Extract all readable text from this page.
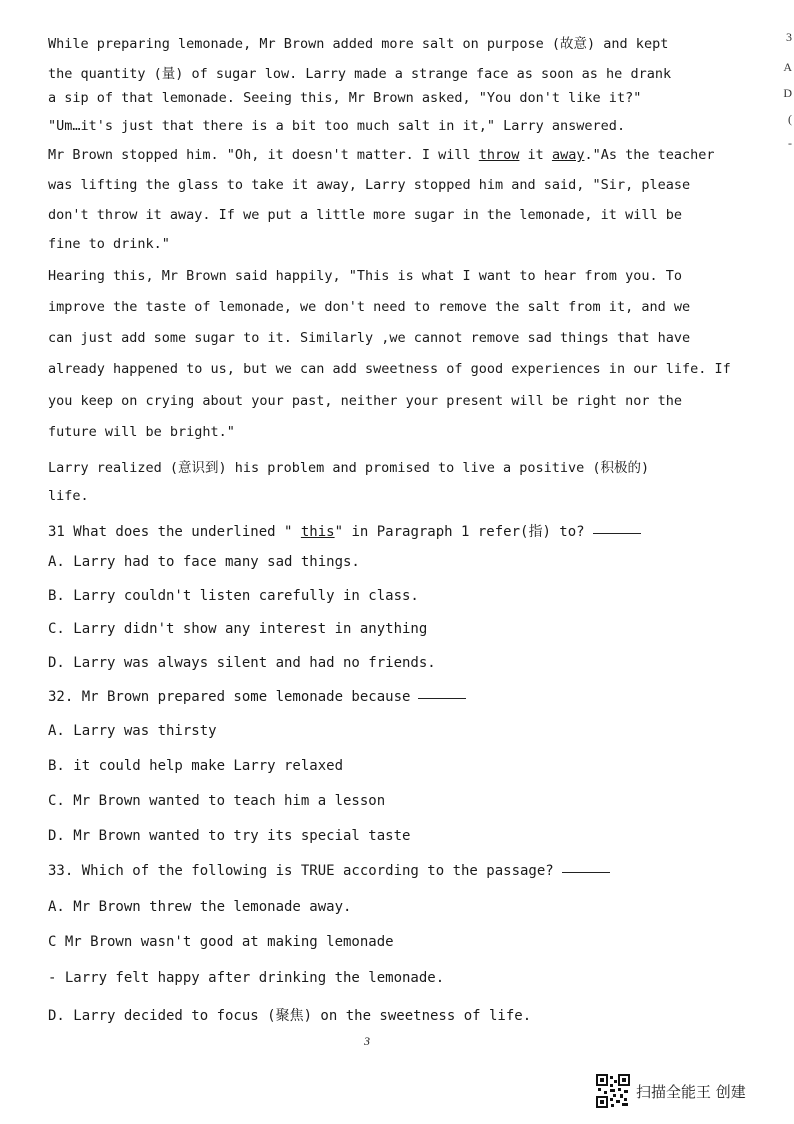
While preparing lemonade, Mr Brown added more salt on purpose (故意) and kept
the quantity (量) of sugar low. Larry made a strange face as soon as he drank
a sip of that lemonade. Seeing this, Mr Brown asked, "You don't like it?"
"Um…it's just that there is a bit too much salt in it," Larry answered.
Mr Brown stopped him. "Oh, it doesn't matter. I will throw it away."As the teacher
was lifting the glass to take it away, Larry stopped him and said, "Sir, please
don't throw it away. If we put a little more sugar in the lemonade, it will be
fine to drink."
Hearing this, Mr Brown said happily, "This is what I want to hear from you. To
improve the taste of lemonade, we don't need to remove the salt from it, and we
can just add some sugar to it. Similarly ,we cannot remove sad things that have
already happened to us, but we can add sweetness of good experiences in our life. If
you keep on crying about your past, neither your present will be right nor the
future will be bright."
Larry realized (意识到) his problem and promised to live a positive (积极的)
life.
31 What does the underlined " this" in Paragraph 1 refer(指) to?
A. Larry had to face many sad things.
B. Larry couldn't listen carefully in class.
C. Larry didn't show any interest in anything
D. Larry was always silent and had no friends.
32. Mr Brown prepared some lemonade because
A. Larry was thirsty
B. it could help make Larry relaxed
C. Mr Brown wanted to teach him a lesson
D. Mr Brown wanted to try its special taste
33. Which of the following is TRUE according to the passage?
A. Mr Brown threw the lemonade away.
C Mr Brown wasn't good at making lemonade
- Larry felt happy after drinking the lemonade.
D. Larry decided to focus (聚焦) on the sweetness of life.
3
3
A
D
(
-
扫描全能王 创建
